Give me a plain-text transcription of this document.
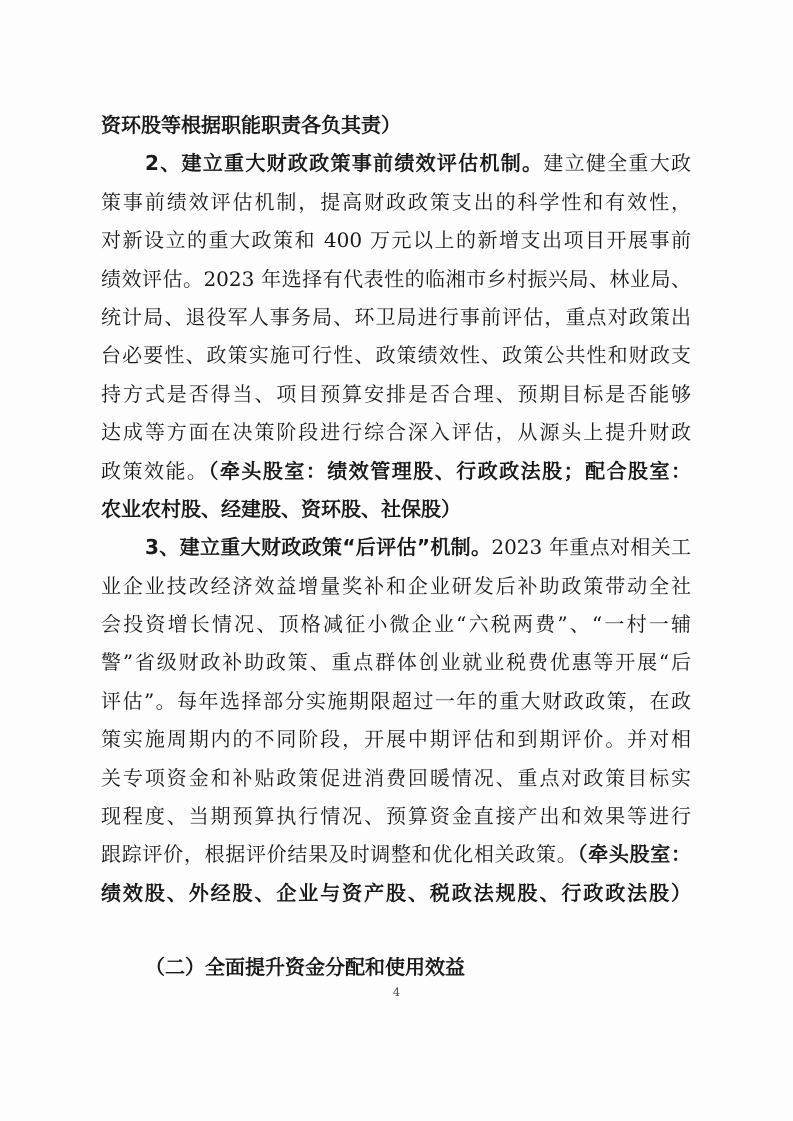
资环股等根据职能职责各负其责）
2、建立重大财政政策事前绩效评估机制。建立健全重大政
策事前绩效评估机制，提高财政政策支出的科学性和有效性，
对新设立的重大政策和 400 万元以上的新增支出项目开展事前
绩效评估。2023 年选择有代表性的临湘市乡村振兴局、林业局、
统计局、退役军人事务局、环卫局进行事前评估，重点对政策出
台必要性、政策实施可行性、政策绩效性、政策公共性和财政支
持方式是否得当、项目预算安排是否合理、预期目标是否能够
达成等方面在决策阶段进行综合深入评估，从源头上提升财政
政策效能。（牵头股室：绩效管理股、行政政法股；配合股室：
农业农村股、经建股、资环股、社保股）
3、建立重大财政政策“后评估”机制。2023 年重点对相关工
业企业技改经济效益增量奖补和企业研发后补助政策带动全社
会投资增长情况、顶格减征小微企业“六税两费”、“一村一辅
警”省级财政补助政策、重点群体创业就业税费优惠等开展“后
评估”。每年选择部分实施期限超过一年的重大财政政策，在政
策实施周期内的不同阶段，开展中期评估和到期评价。并对相
关专项资金和补贴政策促进消费回暖情况、重点对政策目标实
现程度、当期预算执行情况、预算资金直接产出和效果等进行
跟踪评价，根据评价结果及时调整和优化相关政策。（牵头股室：
绩效股、外经股、企业与资产股、税政法规股、行政政法股）
（二）全面提升资金分配和使用效益
4
